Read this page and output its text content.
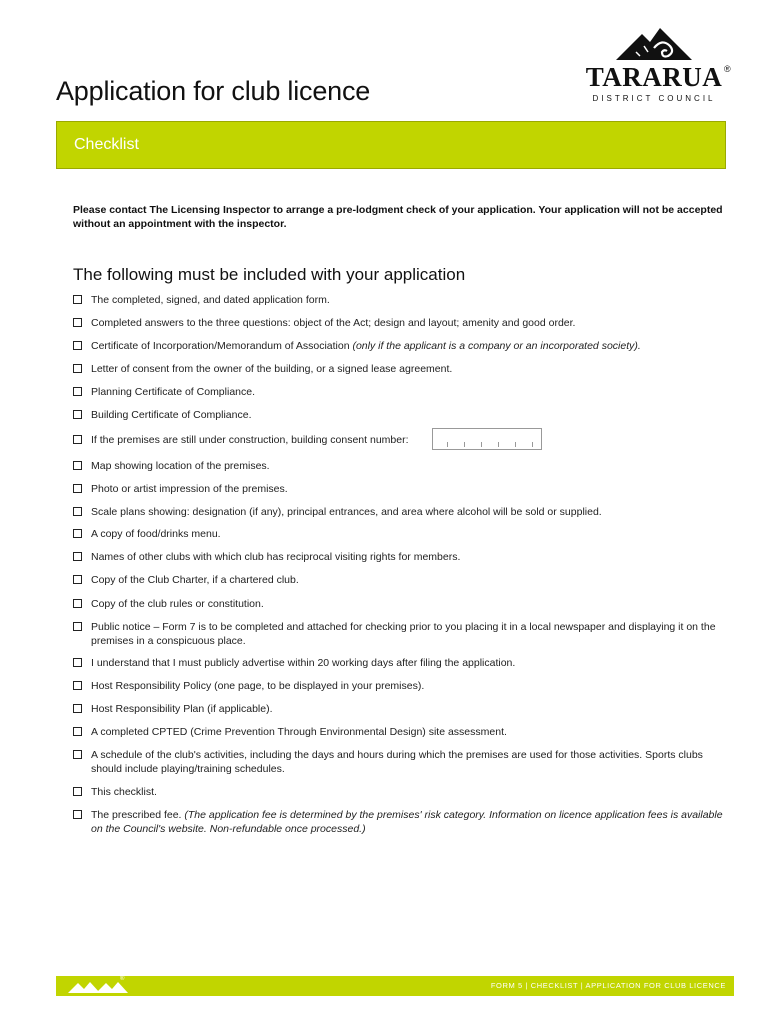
Application for club licence	TARARUA ®
DISTRICT COUNCIL
Checklist
Please contact The Licensing Inspector to arrange a pre-lodgment check of your application. Your application will not be accepted without an appointment with the inspector.
The following must be included with your application
The completed, signed, and dated application form.
Completed answers to the three questions: object of the Act; design and layout; amenity and good order.
Certificate of Incorporation/Memorandum of Association (only if the applicant is a company or an incorporated society).
Letter of consent from the owner of the building, or a signed lease agreement.
Planning Certificate of Compliance.
Building Certificate of Compliance.
If the premises are still under construction, building consent number:
Map showing location of the premises.
Photo or artist impression of the premises.
Scale plans showing: designation (if any), principal entrances, and area where alcohol will be sold or supplied.
A copy of food/drinks menu.
Names of other clubs with which club has reciprocal visiting rights for members.
Copy of the Club Charter, if a chartered club.
Copy of the club rules or constitution.
Public notice – Form 7 is to be completed and attached for checking prior to you placing it in a local newspaper and displaying it on the premises in a conspicuous place.
I understand that I must publicly advertise within 20 working days after filing the application.
Host Responsibility Policy (one page, to be displayed in your premises).
Host Responsibility Plan (if applicable).
A completed CPTED (Crime Prevention Through Environmental Design) site assessment.
A schedule of the club's activities, including the days and hours during which the premises are used for those activities. Sports clubs should include playing/training schedules.
This checklist.
The prescribed fee. (The application fee is determined by the premises' risk category. Information on licence application fees is available on the Council's website. Non-refundable once processed.)
®
FORM 5 | CHECKLIST | APPLICATION FOR CLUB LICENCE
